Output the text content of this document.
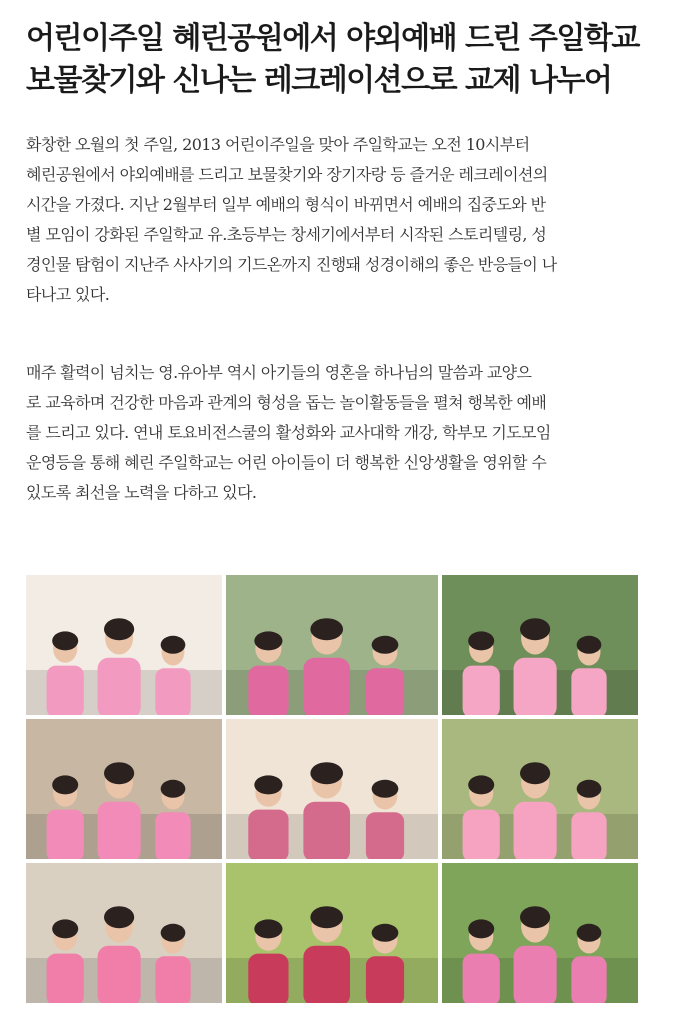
어린이주일 혜린공원에서 야외예배 드린 주일학교
보물찾기와 신나는 레크레이션으로 교제 나누어

화창한 오월의 첫 주일, 2013 어린이주일을 맞아 주일학교는 오전 10시부터
혜린공원에서 야외예배를 드리고 보물찾기와 장기자랑 등 즐거운 레크레이션의
시간을 가졌다. 지난 2월부터 일부 예배의 형식이 바뀌면서 예배의 집중도와 반
별 모임이 강화된 주일학교 유.초등부는 창세기에서부터 시작된 스토리텔링, 성
경인물 탐험이 지난주 사사기의 기드온까지 진행돼 성경이해의 좋은 반응들이 나
타나고 있다.

매주 활력이 넘치는 영.유아부 역시 아기들의 영혼을 하나님의 말씀과 교양으
로 교육하며 건강한 마음과 관계의 형성을 돕는 놀이활동들을 펼쳐 행복한 예배
를 드리고 있다. 연내 토요비전스쿨의 활성화와 교사대학 개강, 학부모 기도모임
운영등을 통해 혜린 주일학교는 어린 아이들이 더 행복한 신앙생활을 영위할 수
있도록 최선을 노력을 다하고 있다.
